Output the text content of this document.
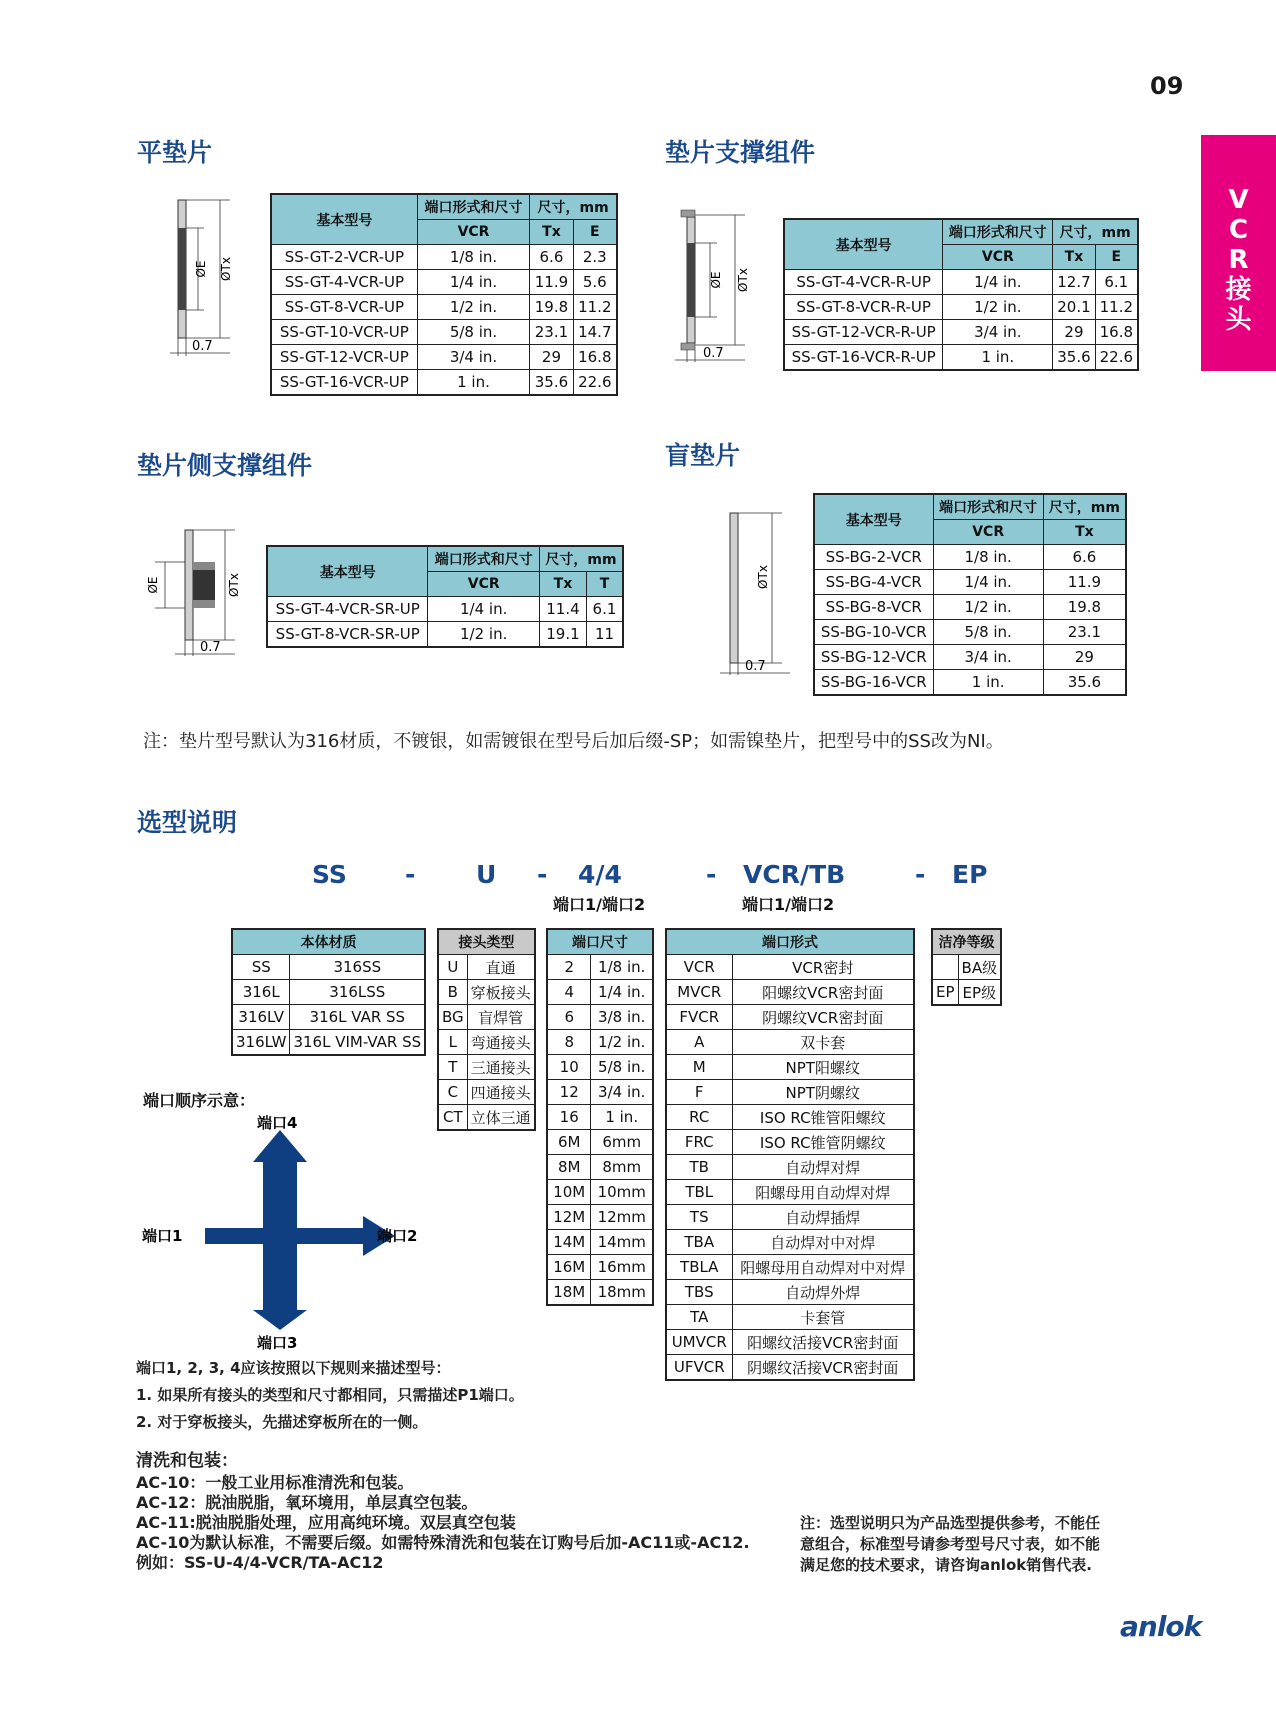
09
V
C
R
接
头
平垫片
ØE ØTx
0.7
基本型号	端口形式和尺寸	尺寸，mm	
	VCR	Tx	E
SS-GT-2-VCR-UP	1/8 in.	6.6	2.3
SS-GT-4-VCR-UP	1/4 in.	11.9	5.6
SS-GT-8-VCR-UP	1/2 in.	19.8	11.2
SS-GT-10-VCR-UP	5/8 in.	23.1	14.7
SS-GT-12-VCR-UP	3/4 in.	29	16.8
SS-GT-16-VCR-UP	1 in.	35.6	22.6
垫片支撑组件
ØE ØTx
0.7
基本型号	端口形式和尺寸	尺寸，mm	
	VCR	Tx	E
SS-GT-4-VCR-R-UP	1/4 in.	12.7	6.1
SS-GT-8-VCR-R-UP	1/2 in.	20.1	11.2
SS-GT-12-VCR-R-UP	3/4 in.	29	16.8
SS-GT-16-VCR-R-UP	1 in.	35.6	22.6
垫片侧支撑组件
ØE	ØTx
0.7
基本型号	端口形式和尺寸	尺寸，mm	
	VCR	Tx	T
SS-GT-4-VCR-SR-UP	1/4 in.	11.4	6.1
SS-GT-8-VCR-SR-UP	1/2 in.	19.1	11
盲垫片
ØTx
0.7
基本型号	端口形式和尺寸	尺寸，mm
	VCR	Tx
SS-BG-2-VCR	1/8 in.	6.6
SS-BG-4-VCR	1/4 in.	11.9
SS-BG-8-VCR	1/2 in.	19.8
SS-BG-10-VCR	5/8 in.	23.1
SS-BG-12-VCR	3/4 in.	29
SS-BG-16-VCR	1 in.	35.6
注：垫片型号默认为316材质，不镀银，如需镀银在型号后加后缀-SP；如需镍垫片，把型号中的SS改为NI。
选型说明
SS - U - 4/4	- VCR/TB	- EP
端口1/端口2	端口1/端口2
本体材质	
SS	316SS
316L	316LSS
316LV	316L VAR SS
316LW	316L VIM-VAR SS
接头类型	
U	直通
B	穿板接头
BG	盲焊管
L	弯通接头
T	三通接头
C	四通接头
CT	立体三通
端口尺寸	
2	1/8 in.
4	1/4 in.
6	3/8 in.
8	1/2 in.
10	5/8 in.
12	3/4 in.
16	1 in.
6M	6mm
8M	8mm
10M	10mm
12M	12mm
14M	14mm
16M	16mm
18M	18mm
端口形式	
VCR	VCR密封
MVCR	阳螺纹VCR密封面
FVCR	阴螺纹VCR密封面
A	双卡套
M	NPT阳螺纹
F	NPT阴螺纹
RC	ISO RC锥管阳螺纹
FRC	ISO RC锥管阴螺纹
TB	自动焊对焊
TBL	阳螺母用自动焊对焊
TS	自动焊插焊
TBA	自动焊对中对焊
TBLA	阳螺母用自动焊对中对焊
TBS	自动焊外焊
TA	卡套管
UMVCR	阳螺纹活接VCR密封面
UFVCR	阴螺纹活接VCR密封面
洁净等级	
	BA级
EP	EP级
端口顺序示意：
端口4
端口1	端口2
端口3
端口1, 2, 3, 4应该按照以下规则来描述型号：
1. 如果所有接头的类型和尺寸都相同，只需描述P1端口。
2. 对于穿板接头，先描述穿板所在的一侧。
清洗和包装：
AC-10：一般工业用标准清洗和包装。
AC-12：脱油脱脂，氧环境用，单层真空包装。
AC-11:脱油脱脂处理，应用高纯环境。双层真空包装
AC-10为默认标准，不需要后缀。如需特殊清洗和包装在订购号后加-AC11或-AC12.
例如：SS-U-4/4-VCR/TA-AC12
注：选型说明只为产品选型提供参考，不能任
意组合，标准型号请参考型号尺寸表，如不能
满足您的技术要求，请咨询anlok销售代表.
anlok
